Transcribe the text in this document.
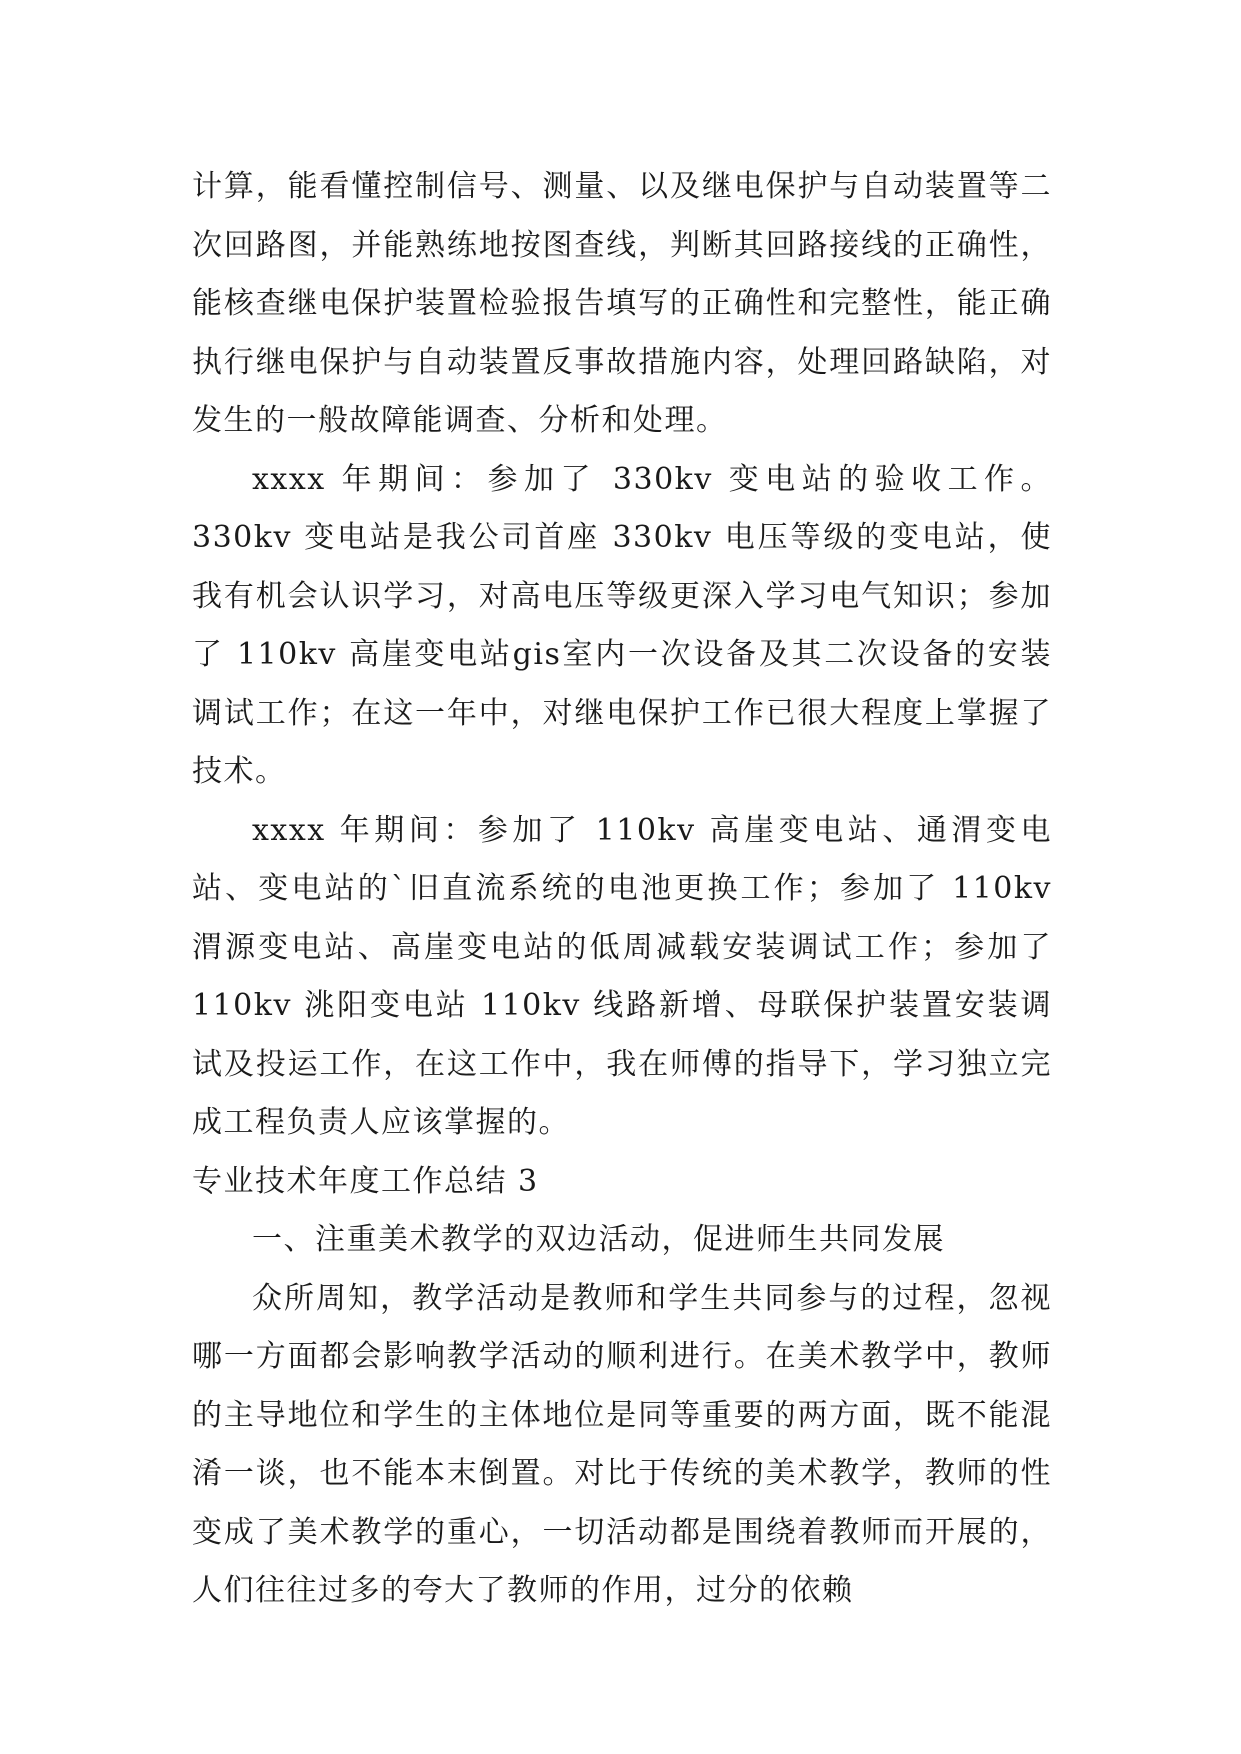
计算，能看懂控制信号、测量、以及继电保护与自动装置等二次回路图，并能熟练地按图查线，判断其回路接线的正确性，能核查继电保护装置检验报告填写的正确性和完整性，能正确执行继电保护与自动装置反事故措施内容，处理回路缺陷，对发生的一般故障能调查、分析和处理。

xxxx 年期间：参加了 330kv 变电站的验收工作。330kv 变电站是我公司首座 330kv 电压等级的变电站，使我有机会认识学习，对高电压等级更深入学习电气知识；参加了 110kv 高崖变电站gis室内一次设备及其二次设备的安装调试工作；在这一年中，对继电保护工作已很大程度上掌握了技术。

xxxx 年期间：参加了 110kv 高崖变电站、通渭变电站、变电站的`旧直流系统的电池更换工作；参加了 110kv 渭源变电站、高崖变电站的低周减载安装调试工作；参加了 110kv 洮阳变电站 110kv 线路新增、母联保护装置安装调试及投运工作，在这工作中，我在师傅的指导下，学习独立完成工程负责人应该掌握的。

专业技术年度工作总结 3

一、注重美术教学的双边活动，促进师生共同发展

众所周知，教学活动是教师和学生共同参与的过程，忽视哪一方面都会影响教学活动的顺利进行。在美术教学中，教师的主导地位和学生的主体地位是同等重要的两方面，既不能混淆一谈，也不能本末倒置。对比于传统的美术教学，教师的性变成了美术教学的重心，一切活动都是围绕着教师而开展的，人们往往过多的夸大了教师的作用，过分的依赖
